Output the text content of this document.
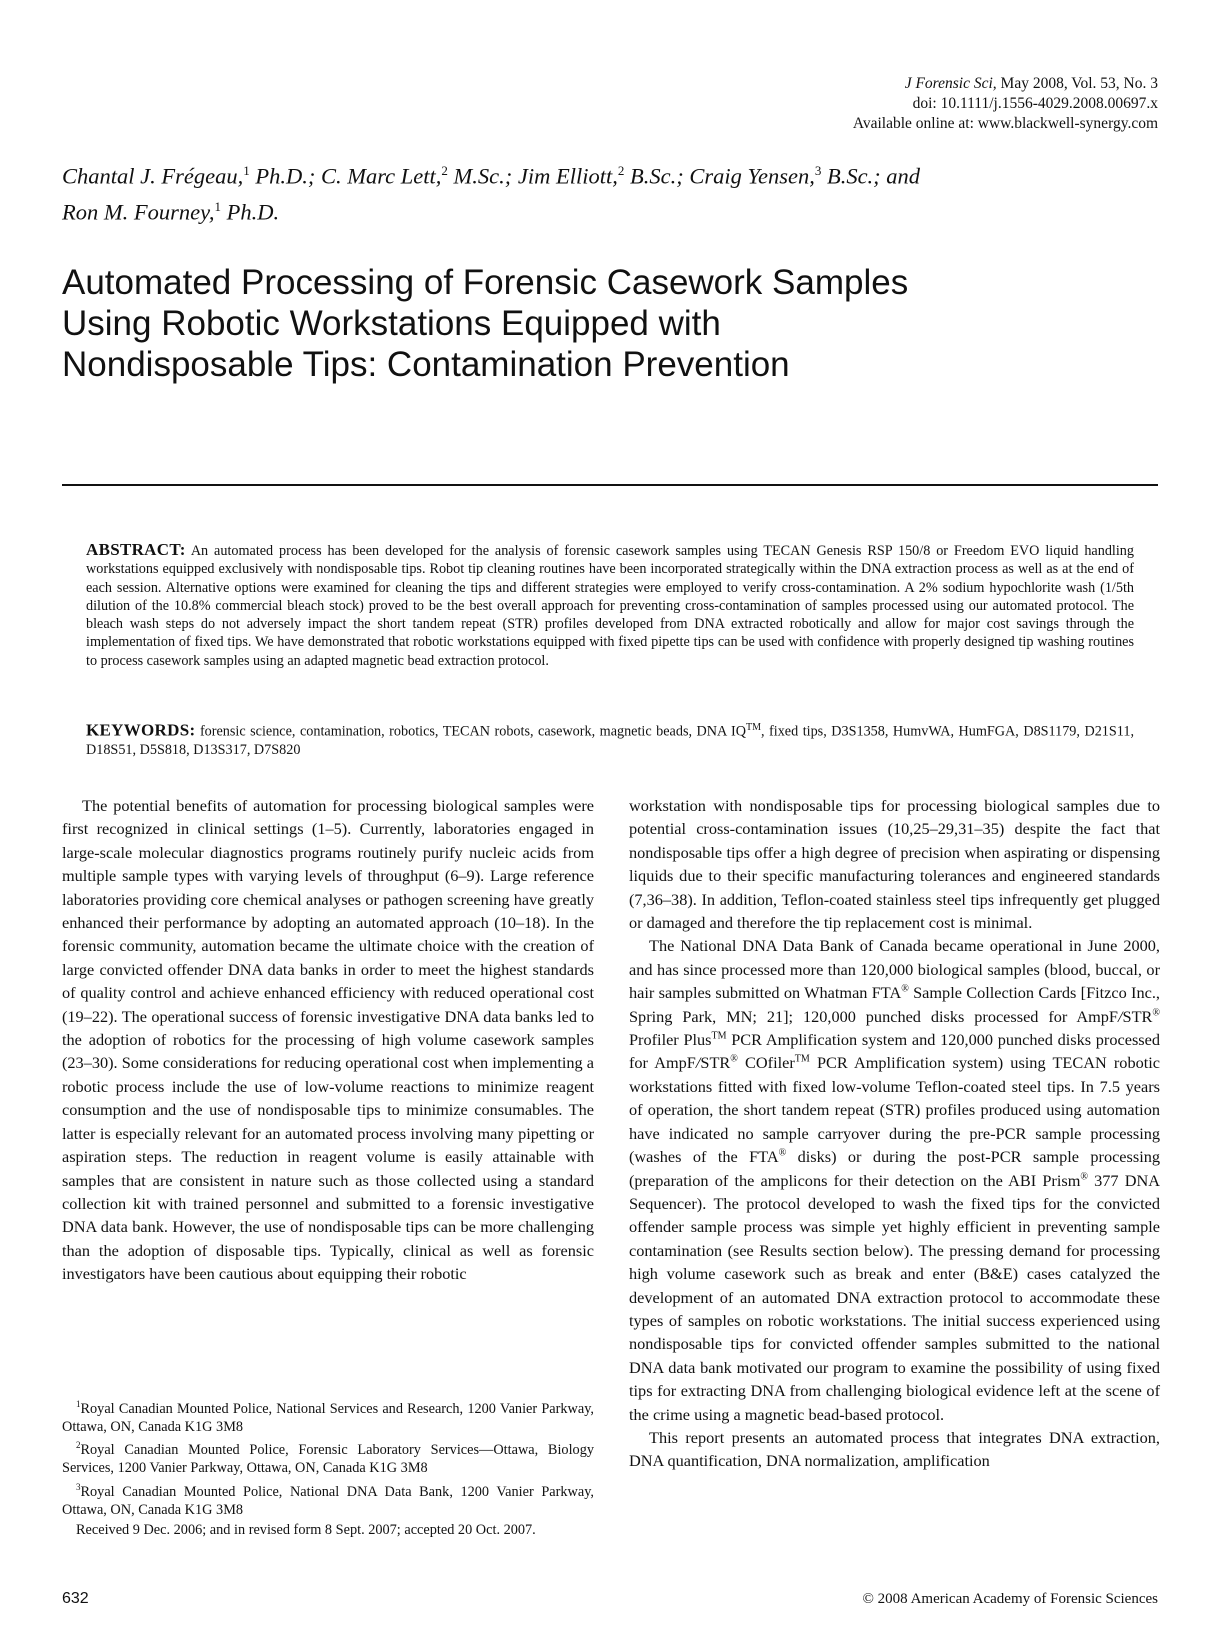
J Forensic Sci, May 2008, Vol. 53, No. 3
doi: 10.1111/j.1556-4029.2008.00697.x
Available online at: www.blackwell-synergy.com
Chantal J. Frégeau,$^1$ Ph.D.; C. Marc Lett,$^2$ M.Sc.; Jim Elliott,$^2$ B.Sc.; Craig Yensen,$^3$ B.Sc.; and
Ron M. Fourney,$^1$ Ph.D.
Automated Processing of Forensic Casework Samples Using Robotic Workstations Equipped with Nondisposable Tips: Contamination Prevention

ABSTRACT: An automated process has been developed for the analysis of forensic casework samples using TECAN Genesis RSP 150/8 or Freedom EVO liquid handling workstations equipped exclusively with nondisposable tips. Robot tip cleaning routines have been incorporated strategically within the DNA extraction process as well as at the end of each session. Alternative options were examined for cleaning the tips and different strategies were employed to verify cross-contamination. A 2% sodium hypochlorite wash (1/5th dilution of the 10.8% commercial bleach stock) proved to be the best overall approach for preventing cross-contamination of samples processed using our automated protocol. The bleach wash steps do not adversely impact the short tandem repeat (STR) profiles developed from DNA extracted robotically and allow for major cost savings through the implementation of fixed tips. We have demonstrated that robotic workstations equipped with fixed pipette tips can be used with confidence with properly designed tip washing routines to process casework samples using an adapted magnetic bead extraction protocol.

KEYWORDS: forensic science, contamination, robotics, TECAN robots, casework, magnetic beads, DNA IQ™, fixed tips, D3S1358, HumvWA, HumFGA, D8S1179, D21S11, D18S51, D5S818, D13S317, D7S820

The potential benefits of automation for processing biological samples were first recognized in clinical settings (1–5). Currently, laboratories engaged in large-scale molecular diagnostics programs routinely purify nucleic acids from multiple sample types with varying levels of throughput (6–9). Large reference laboratories providing core chemical analyses or pathogen screening have greatly enhanced their performance by adopting an automated approach (10–18). In the forensic community, automation became the ultimate choice with the creation of large convicted offender DNA data banks in order to meet the highest standards of quality control and achieve enhanced efficiency with reduced operational cost (19–22). The operational success of forensic investigative DNA data banks led to the adoption of robotics for the processing of high volume casework samples (23–30). Some considerations for reducing operational cost when implementing a robotic process include the use of low-volume reactions to minimize reagent consumption and the use of nondisposable tips to minimize consumables. The latter is especially relevant for an automated process involving many pipetting or aspiration steps. The reduction in reagent volume is easily attainable with samples that are consistent in nature such as those collected using a standard collection kit with trained personnel and submitted to a forensic investigative DNA data bank. However, the use of nondisposable tips can be more challenging than the adoption of disposable tips. Typically, clinical as well as forensic investigators have been cautious about equipping their robotic

workstation with nondisposable tips for processing biological samples due to potential cross-contamination issues (10,25–29,31–35) despite the fact that nondisposable tips offer a high degree of precision when aspirating or dispensing liquids due to their specific manufacturing tolerances and engineered standards (7,36–38). In addition, Teflon-coated stainless steel tips infrequently get plugged or damaged and therefore the tip replacement cost is minimal.

The National DNA Data Bank of Canada became operational in June 2000, and has since processed more than 120,000 biological samples (blood, buccal, or hair samples submitted on Whatman FTA® Sample Collection Cards [Fitzco Inc., Spring Park, MN; 21]; 120,000 punched disks processed for AmpF/STR® Profiler Plus™ PCR Amplification system and 120,000 punched disks processed for AmpF/STR® COfiler™ PCR Amplification system) using TECAN robotic workstations fitted with fixed low-volume Teflon-coated steel tips. In 7.5 years of operation, the short tandem repeat (STR) profiles produced using automation have indicated no sample carryover during the pre-PCR sample processing (washes of the FTA® disks) or during the post-PCR sample processing (preparation of the amplicons for their detection on the ABI Prism® 377 DNA Sequencer). The protocol developed to wash the fixed tips for the convicted offender sample process was simple yet highly efficient in preventing sample contamination (see Results section below). The pressing demand for processing high volume casework such as break and enter (B&E) cases catalyzed the development of an automated DNA extraction protocol to accommodate these types of samples on robotic workstations. The initial success experienced using nondisposable tips for convicted offender samples submitted to the national DNA data bank motivated our program to examine the possibility of using fixed tips for extracting DNA from challenging biological evidence left at the scene of the crime using a magnetic bead-based protocol.

This report presents an automated process that integrates DNA extraction, DNA quantification, DNA normalization, amplification

$^1$Royal Canadian Mounted Police, National Services and Research, 1200 Vanier Parkway, Ottawa, ON, Canada K1G 3M8

$^2$Royal Canadian Mounted Police, Forensic Laboratory Services—Ottawa, Biology Services, 1200 Vanier Parkway, Ottawa, ON, Canada K1G 3M8

$^3$Royal Canadian Mounted Police, National DNA Data Bank, 1200 Vanier Parkway, Ottawa, ON, Canada K1G 3M8

Received 9 Dec. 2006; and in revised form 8 Sept. 2007; accepted 20 Oct. 2007.

632	© 2008 American Academy of Forensic Sciences
